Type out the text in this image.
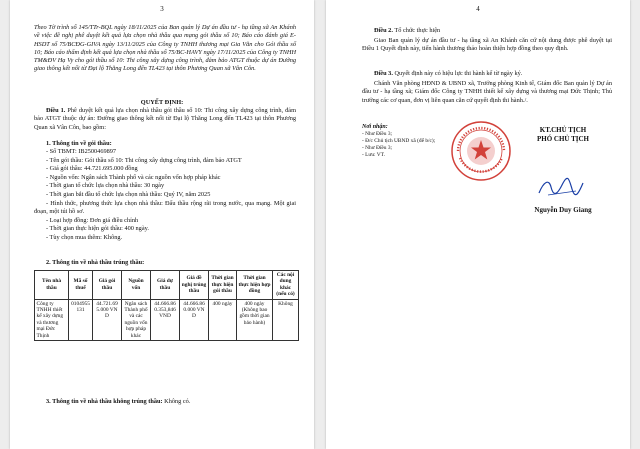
3
Theo Tờ trình số 145/TTr-BQL ngày 18/11/2025 của Ban quản lý Dự án đầu tư - hạ tầng xã An Khánh về việc đề nghị phê duyệt kết quả lựa chọn nhà thầu qua mạng gói thầu số 10; Báo cáo đánh giá E-HSDT số 75/BCĐG-GIVA ngày 13/11/2025 của Công ty TNHH thương mại Gia Văn cho Gói thầu số 10; Báo cáo thẩm định kết quả lựa chọn nhà thầu số 75/BC-HAVY ngày 17/11/2025 của Công ty TNHH TM&ĐV Hạ Vy cho gói thầu số 10: Thi công xây dựng công trình, đảm bảo ATGT thuộc dự án Đường giao thông kết nối từ Đại lộ Thăng Long đến TL423 tại thôn Phương Quan xã Vân Côn.
QUYẾT ĐỊNH:
Điều 1. Phê duyệt kết quả lựa chọn nhà thầu gói thầu số 10: Thi công xây dựng công trình, đảm bảo ATGT thuộc dự án: Đường giao thông kết nối từ Đại lộ Thăng Long đến TL423 tại thôn Phương Quan xã Vân Côn, bao gồm:
1. Thông tin về gói thầu:
- Số TBMT: IB2500469897
- Tên gói thầu: Gói thầu số 10: Thi công xây dựng công trình, đảm bảo ATGT
- Giá gói thầu: 44.721.695.000 đồng
- Nguồn vốn: Ngân sách Thành phố và các nguồn vốn hợp pháp khác
- Thời gian tổ chức lựa chọn nhà thầu: 30 ngày
- Thời gian bắt đầu tổ chức lựa chọn nhà thầu: Quý IV, năm 2025
- Hình thức, phương thức lựa chọn nhà thầu: Đấu thầu rộng rãi trong nước, qua mạng. Một giai đoạn, một túi hồ sơ.
- Loại hợp đồng: Đơn giá điều chỉnh
- Thời gian thực hiện gói thầu: 400 ngày.
- Tùy chọn mua thêm: Không.
2. Thông tin về nhà thầu trúng thầu:
Tên nhà thầu	Mã số thuế	Giá gói thầu	Nguồn vốn	Giá dự thầu	Giá đề nghị trúng thầu	Thời gian thực hiện gói thầu	Thời gian thực hiện hợp đồng	Các nội dung khác (nếu có)
Công ty TNHH thiết kế xây dựng và thương mại Đức Thịnh	0104955131	44.721.695.000 VND	Ngân sách Thành phố và các nguồn vốn hợp pháp khác	44.666.860.353,846 VND	44.666.860.000 VND	400 ngày	400 ngày (Không bao gồm thời gian bảo hành)	Không
3. Thông tin về nhà thầu không trúng thầu: Không có.
4
Điều 2. Tổ chức thực hiện
Giao Ban quản lý dự án đầu tư - hạ tầng xã An Khánh căn cứ nội dung được phê duyệt tại Điều 1 Quyết định này, tiến hành thương thảo hoàn thiện hợp đồng theo quy định.
Điều 3. Quyết định này có hiệu lực thi hành kể từ ngày ký.
Chánh Văn phòng HĐND & UBND xã, Trưởng phòng Kinh tế, Giám đốc Ban quản lý Dự án đầu tư - hạ tầng xã; Giám đốc Công ty TNHH thiết kế xây dựng và thương mại Đức Thịnh; Thủ trưởng các cơ quan, đơn vị liên quan căn cứ quyết định thi hành./.
Nơi nhận:
- Như Điều 3;
- Đ/c Chủ tịch UBND xã (để b/c);
- Như Điều 3;
- Lưu: VT.
KT.CHỦ TỊCH
PHÓ CHỦ TỊCH
Nguyễn Duy Giang
